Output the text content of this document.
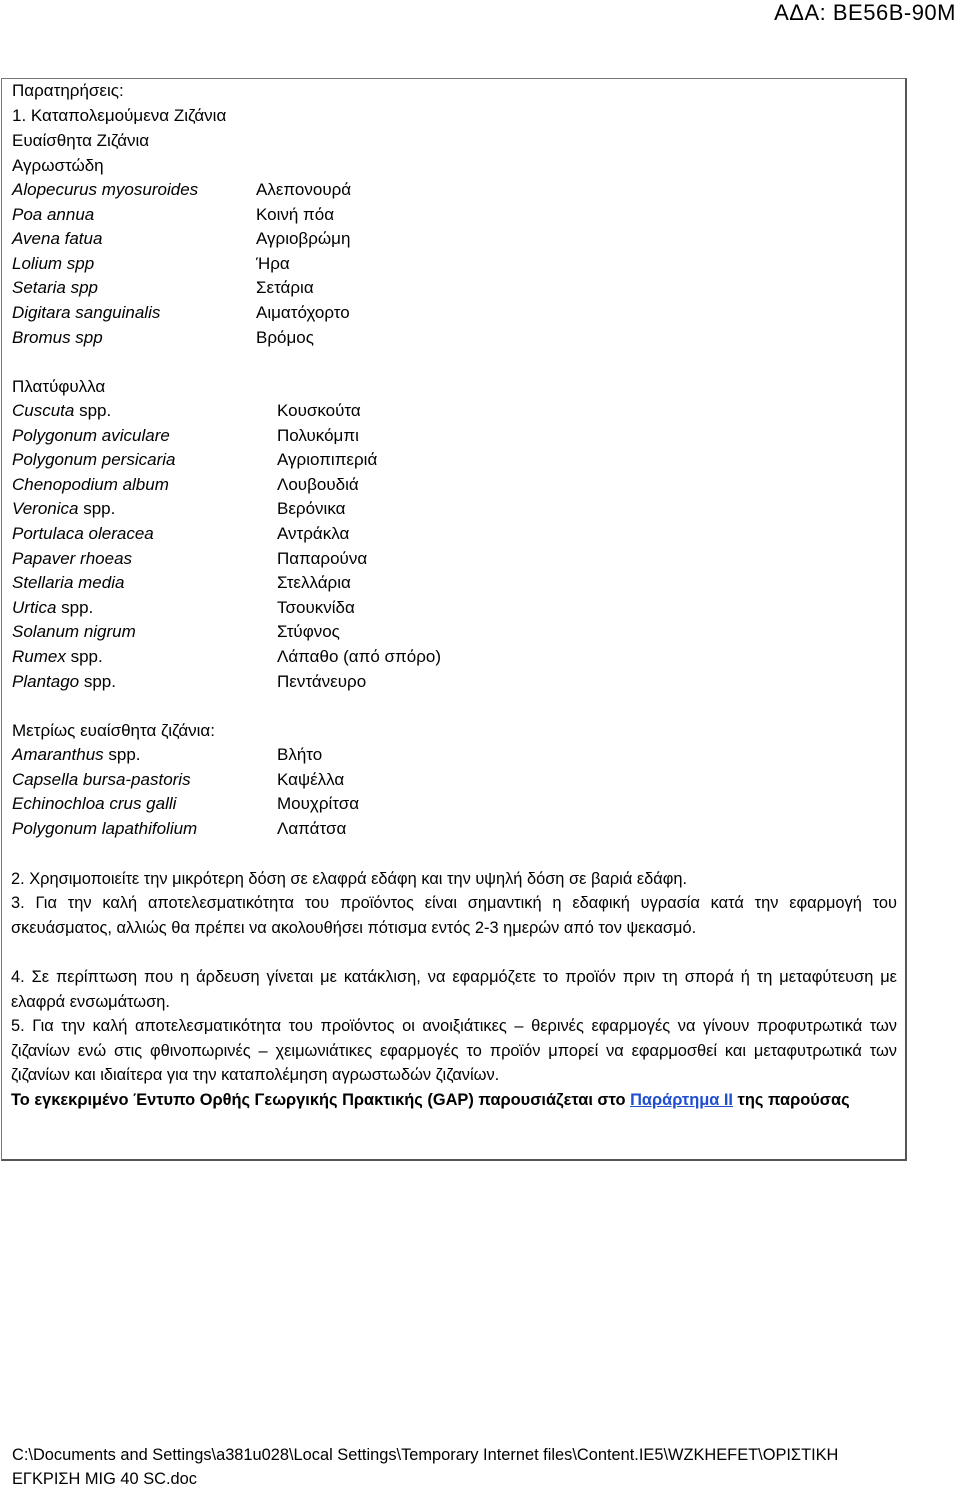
ΑΔΑ: ΒΕ56Β-90Μ
Παρατηρήσεις:
1. Καταπολεμούμενα Ζιζάνια
Ευαίσθητα Ζιζάνια
Αγρωστώδη
Alopecurus myosuroides	Αλεπονουρά
Poa annua	Κοινή πόα
Avena fatua	Αγριοβρώμη
Lolium spp	Ήρα
Setaria spp	Σετάρια
Digitara sanguinalis	Αιματόχορτο
Bromus spp	Βρόμος
Πλατύφυλλα
Cuscuta spp.	Κουσκούτα
Polygonum aviculare	Πολυκόμπι
Polygonum persicaria	Αγριοπιπεριά
Chenopodium album	Λουβουδιά
Veronica spp.	Βερόνικα
Portulaca oleracea	Αντράκλα
Papaver rhoeas	Παπαρούνα
Stellaria media	Στελλάρια
Urtica spp.	Τσουκνίδα
Solanum nigrum	Στύφνος
Rumex spp.	Λάπαθο (από σπόρο)
Plantago spp.	Πεντάνευρο
Μετρίως ευαίσθητα ζιζάνια:
Amaranthus spp.	Βλήτο
Capsella bursa-pastoris	Καψέλλα
Echinochloa crus galli	Μουχρίτσα
Polygonum lapathifolium	Λαπάτσα
2. Χρησιμοποιείτε την μικρότερη δόση σε ελαφρά εδάφη και την υψηλή δόση σε βαριά εδάφη.
3. Για την καλή αποτελεσματικότητα του προϊόντος είναι σημαντική η εδαφική υγρασία κατά την εφαρμογή του σκευάσματος, αλλιώς θα πρέπει να ακολουθήσει πότισμα εντός 2-3 ημερών από τον ψεκασμό.
4. Σε περίπτωση που η άρδευση γίνεται με κατάκλιση, να εφαρμόζετε το προϊόν πριν τη σπορά ή τη μεταφύτευση με ελαφρά ενσωμάτωση.
5. Για την καλή αποτελεσματικότητα του προϊόντος οι ανοιξιάτικες – θερινές εφαρμογές να γίνουν προφυτρωτικά των ζιζανίων ενώ στις φθινοπωρινές – χειμωνιάτικες εφαρμογές το προϊόν μπορεί να εφαρμοσθεί και μεταφυτρωτικά των ζιζανίων και ιδιαίτερα για την καταπολέμηση αγρωστωδών ζιζανίων.
Το εγκεκριμένο Έντυπο Ορθής Γεωργικής Πρακτικής (GAP) παρουσιάζεται στο Παράρτημα ΙΙ της παρούσας
C:\Documents and Settings\a381u028\Local Settings\Temporary Internet files\Content.IE5\WZKHEFET\ΟΡΙΣΤΙΚΗ
ΕΓΚΡΙΣΗ MIG 40 SC.doc
